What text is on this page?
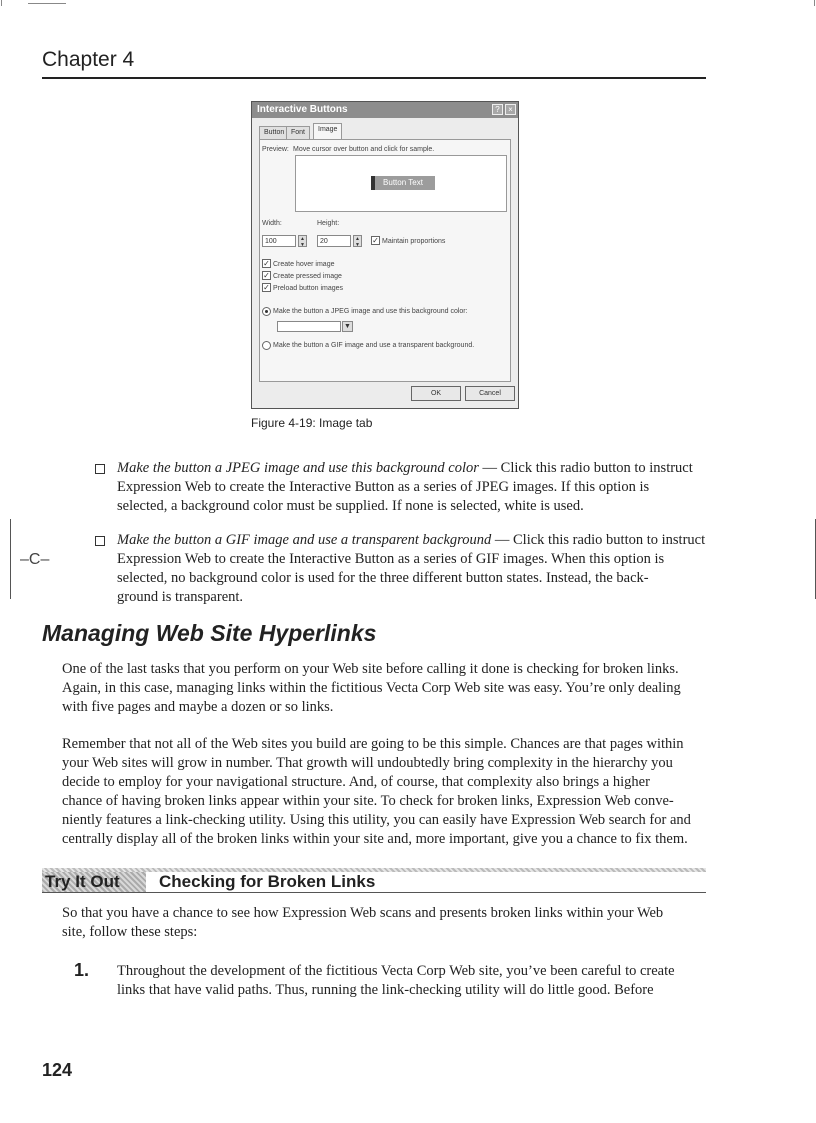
Chapter 4
Interactive Buttons	?	×
Button Font	Image
Preview: Move cursor over button and click for sample.
Width:	Height:
100	▲
▼	20	▲
▼ ✓ Maintain proportions
✓ Create hover image
✓ Create pressed image
✓ Preload button images
Make the button a JPEG image and use this background color:
▼
Make the button a GIF image and use a transparent background.
OK	Cancel
Button Text
Figure 4-19: Image tab
Make the button a JPEG image and use this background color — Click this radio button to instruct
Expression Web to create the Interactive Button as a series of JPEG images. If this option is
selected, a background color must be supplied. If none is selected, white is used.
Make the button a GIF image and use a transparent background — Click this radio button to instruct
Expression Web to create the Interactive Button as a series of GIF images. When this option is
selected, no background color is used for the three different button states. Instead, the back-
ground is transparent.
–C–
Managing Web Site Hyperlinks
One of the last tasks that you perform on your Web site before calling it done is checking for broken links.
Again, in this case, managing links within the fictitious Vecta Corp Web site was easy. You’re only dealing
with five pages and maybe a dozen or so links.
Remember that not all of the Web sites you build are going to be this simple. Chances are that pages within
your Web sites will grow in number. That growth will undoubtedly bring complexity in the hierarchy you
decide to employ for your navigational structure. And, of course, that complexity also brings a higher
chance of having broken links appear within your site. To check for broken links, Expression Web conve-
niently features a link-checking utility. Using this utility, you can easily have Expression Web search for and
centrally display all of the broken links within your site and, more important, give you a chance to fix them.
Try It Out	Checking for Broken Links
So that you have a chance to see how Expression Web scans and presents broken links within your Web
site, follow these steps:
1. Throughout the development of the fictitious Vecta Corp Web site, you’ve been careful to create
links that have valid paths. Thus, running the link-checking utility will do little good. Before
124
